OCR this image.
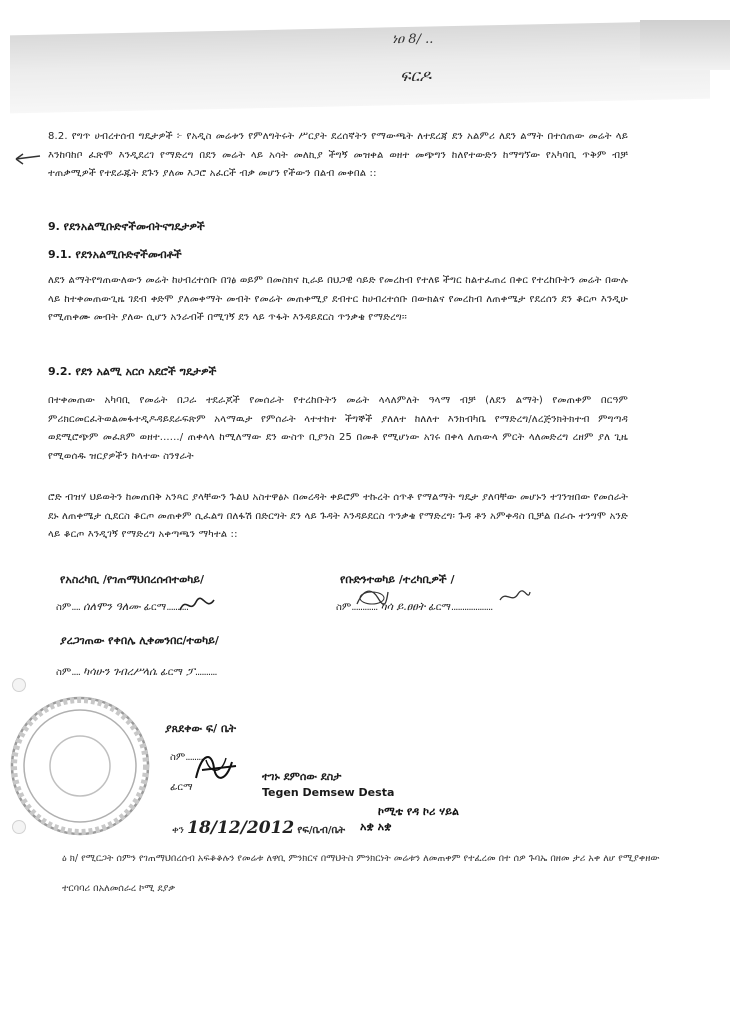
ነዐ 8/ ..
ፍርዶ
8.2. የግጥ ሀብረተሰብ ግዴታዎች ፦ የአዲስ መሬቱን የምለግትሩት ሥርያት ደረሰኛትን የማውጫት ለተደረጃ ደን አልምሪ ለደን ልማት በተሰጠው መሬት ላይ እንከባከቦ ፈጽሞ እንዲደረገ የማድረግ በደን መሬት ላይ አሳት መለኪያ ችግኝ መዝቀል ወዘተ መጭግን ከለየተውድን ከማግኘው የአካባቢ ጥቅም ብቻ ተጠቃሚዎች የተደራጁት ደጉን ያለመ እጋሮ አፈርች ብቃ መሆን የችውን በልብ መቀበል ::
9. የደንአልሚቡድኖችመብትናግዴታዎች
9.1. የደንአልሚቡድኖችመብቶች
ለደን ልማትየግጠውለውን መሬት ከሀብረተሰቡ በገፅ ወይም በመስክና ኪራይ በህጋዊ ሳይድ የመረከብ የተለዩ ችግር ከልተፈጠረ በቀር የተረከቡትን መሬት በውሉ ላይ ከተቀመጠውጊዜ ገደብ ቀድሞ ያለመቀማት መብት የመሬት መጠቀሚያ ደብተር ከሀብረተሰቡ በውክልና የመረከብ ለጠቀሜታ የደረሰን ደን ቆርጦ እንዲሁ የሚጠቀሙ መብት ያለው ሲሆን አንራብች በሚገኝ ደን ላይ ጥፋት እንዳይደርስ ጥንቃቄ የማድረግ፡፡
9.2. የደን አልሚ አርሶ አደሮች ግዴታዎች
በተቀመጠው አካባቢ የመሬት በጋራ ተደራጆች የመሰራት የተረከቡትን መሬት ላላለምለት ዓላማ ብቻ (ለደን ልማት) የመጠቀም በርዓም ምሪክርመርፈትወልመፋተዲዶዳይደራፍጽም አላማዉታ የምሰራት ላተተከተ ችግኞች ያለለተ ከለለተ እንክብካቤ የማድረግ/ለረጅንክትክተብ ምግጣዳ ወደሚሮጭም መፈጸም ወዘተ....../ ጠቀላላ ከሚለማው ደን ውስጥ ቢያንስ 25 በመቶ የሚሆነው አገሩ በቀላ ለጠውላ ምርት ላለመድረግ ረዘም ያለ ጊዜ የሚወሰዱ ዝርያዎችን ከላተው ስንፃራት
ሮድ ብዝሃ ህይወትን ከመጠበቅ አንጻር ያላቸውን ጉልህ አስተዋፅኦ በመረዳት ቀይሮም ተኩረት ሰጥቶ የማልማት ግዴታ ያለባቸው መሆኑን ተገንዝበው የመሰራት ደኑ ለጠቀሜታ ሲደርስ ቆርጦ መጠቀም ሲፈልግ በለፋሽ በድርግት ደን ላይ ጉዳት እንዳይደርስ ጥንቃቄ የማድረግ፡ ጉዳ ቶን አምቀዳስ ቢቻል በራሱ ተንግሞ አንድ ላይ ቆርጦ እንዲገኝ የማድረግ አቀጣጫን ማካተል ::
የአስረካቢ /የገጠማህበረሰብተወካይ/	የቡድንተወካይ /ተረካቢዎች /
ስም.... ሰለሞን ዓለሙ ፊርማ..........	ስም............ ካሳ ይ.ፀፀት ፊርማ...................
ያረጋገጠው የቀበሌ ሊቀመንበር/ተወካይ/
ስም.... ካሳሁን ገብረሥላሴ ፊርማ ፓ..........
ያጸደቀው ፍ/ ቤት
ስም........
ተገኑ ደምሰው ደስታ
Tegen Demsew Desta
ፊርማ
ቀን 18/12/2012 የፍ/ቤብ/ቤት
ኮሚቴ የዳ ኮሪ ሃይል
አቋ አቋ
ዕ ክ/ የሚርጋት ሰምን የገጠማህበረሰብ አፍቆቆሉን የመሬቱ ለዋቢ ምንክርና በማህትስ ምንክርነት መሬቱን ለመጠቀም የተፈረመ በተ ሰዎ ጉባኤ በዘመ ታሪ አቀ ለሆ የሚያቀዘው
ተርባባሪ በአለመሰራረ ኮሚ ደያቃ
